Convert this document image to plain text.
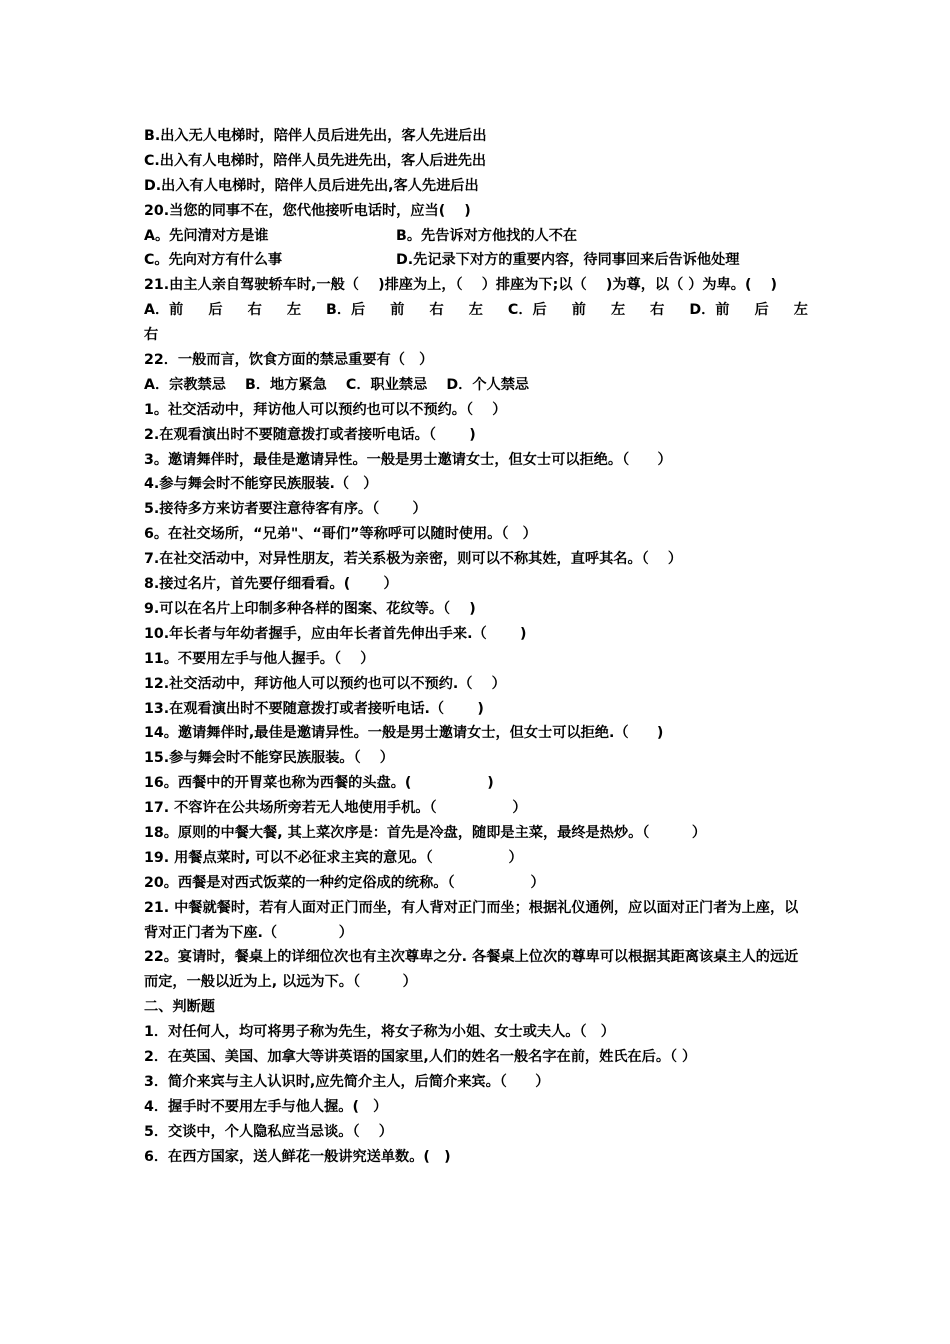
B.出入无人电梯时，陪伴人员后进先出，客人先进后出
C.出入有人电梯时，陪伴人员先进先出，客人后进先出
D.出入有人电梯时，陪伴人员后进先出,客人先进后出
20.当您的同事不在，您代他接听电话时，应当(　 )
A。先问清对方是谁	B。先告诉对方他找的人不在
C。先向对方有什么事	D.先记录下对方的重要内容，待同事回来后告诉他处理
21.由主人亲自驾驶轿车时,一般（　 )排座为上，（　 ）排座为下;以（　 )为尊，以（ ）为卑。(　 )
A．前 后 右 左 B．后 前 右 左 C．后 前 左 右 D．前 后 左
右
22．一般而言，饮食方面的禁忌重要有（　）
A．宗教禁忌　 B．地方紧急　 C．职业禁忌　 D．个人禁忌
1。社交活动中，拜访他人可以预约也可以不预约。（　 ）
2.在观看演出时不要随意拨打或者接听电话。（　 　)
3。邀请舞伴时，最佳是邀请异性。一般是男士邀请女士，但女士可以拒绝。（　　）
4.参与舞会时不能穿民族服装.（　）
5.接待多方来访者要注意待客有序。（　 　）
6。在社交场所，“兄弟"、“哥们”等称呼可以随时使用。（　）
7.在社交活动中，对异性朋友，若关系极为亲密，则可以不称其姓，直呼其名。（　 ）
8.接过名片，首先要仔细看看。(　　 ）
9.可以在名片上印制多种各样的图案、花纹等。（　 )
10.年长者与年幼者握手，应由年长者首先伸出手来.（　　 )
11。不要用左手与他人握手。（　 ）
12.社交活动中，拜访他人可以预约也可以不预约.（　 ）
13.在观看演出时不要随意拨打或者接听电话.（　 　)
14。邀请舞伴时,最佳是邀请异性。一般是男士邀请女士，但女士可以拒绝.（　　)
15.参与舞会时不能穿民族服装。（　 ）
16。西餐中的开胃菜也称为西餐的头盘。(　　　　　 )
17. 不容许在公共场所旁若无人地使用手机。（　　　　　 ）
18。原则的中餐大餐, 其上菜次序是：首先是冷盘，随即是主菜，最终是热炒。（　　　）
19. 用餐点菜时, 可以不必征求主宾的意见。（　　　　　 ）
20。西餐是对西式饭菜的一种约定俗成的统称。（　　　　　 ）
21. 中餐就餐时，若有人面对正门而坐，有人背对正门而坐；根据礼仪通例，应以面对正门者为上座，以背对正门者为下座.（　　　　 ）
22。宴请时，餐桌上的详细位次也有主次尊卑之分. 各餐桌上位次的尊卑可以根据其距离该桌主人的远近而定，一般以近为上, 以远为下。（　　　）
二、判断题
1．对任何人，均可将男子称为先生，将女子称为小姐、女士或夫人。（　）
2．在英国、美国、加拿大等讲英语的国家里,人们的姓名一般名字在前，姓氏在后。（ ）
3．简介来宾与主人认识时,应先简介主人，后简介来宾。（　　）
4．握手时不要用左手与他人握。(　）
5．交谈中，个人隐私应当忌谈。（　 ）
6．在西方国家，送人鲜花一般讲究送单数。(　)
